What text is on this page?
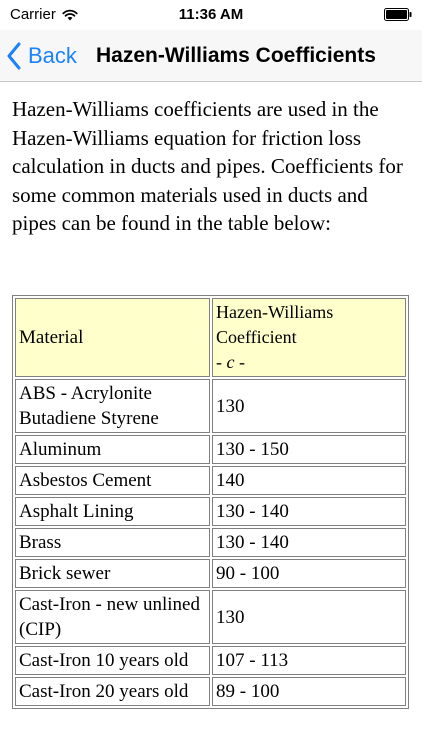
Carrier	11:36 AM
Back Hazen-Williams Coefficients

Hazen-Williams coefficients are used in the Hazen-Williams equation for friction loss calculation in ducts and pipes. Coefficients for some common materials used in ducts and pipes can be found in the table below:

Material	Hazen-Williams
Coefficient
- c -

ABS - Acrylonite Butadiene Styrene	130
Aluminum	130 - 150
Asbestos Cement	140
Asphalt Lining	130 - 140
Brass	130 - 140
Brick sewer	90 - 100
Cast-Iron - new unlined (CIP)	130
Cast-Iron 10 years old	107 - 113
Cast-Iron 20 years old	89 - 100
